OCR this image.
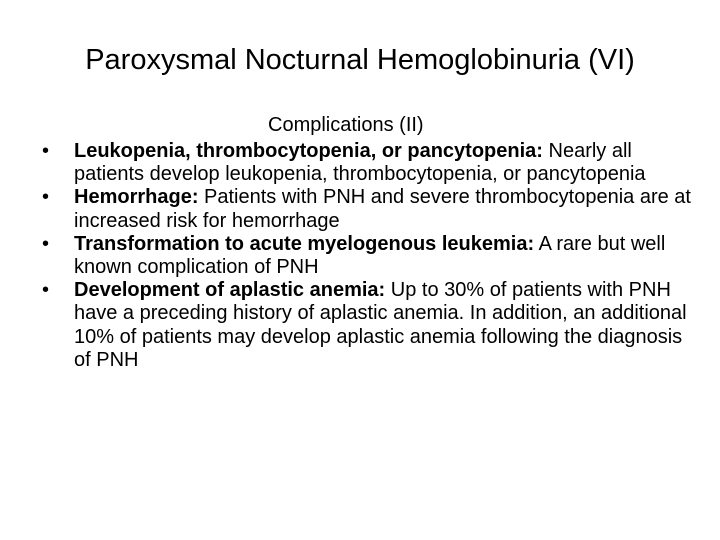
Paroxysmal Nocturnal Hemoglobinuria (VI)
Complications (II)
•	Leukopenia, thrombocytopenia, or pancytopenia: Nearly all patients develop leukopenia, thrombocytopenia, or pancytopenia
•	Hemorrhage: Patients with PNH and severe thrombocytopenia are at increased risk for hemorrhage
•	Transformation to acute myelogenous leukemia: A rare but well known complication of PNH
•	Development of aplastic anemia: Up to 30% of patients with PNH have a preceding history of aplastic anemia. In addition, an additional 10% of patients may develop aplastic anemia following the diagnosis of PNH
